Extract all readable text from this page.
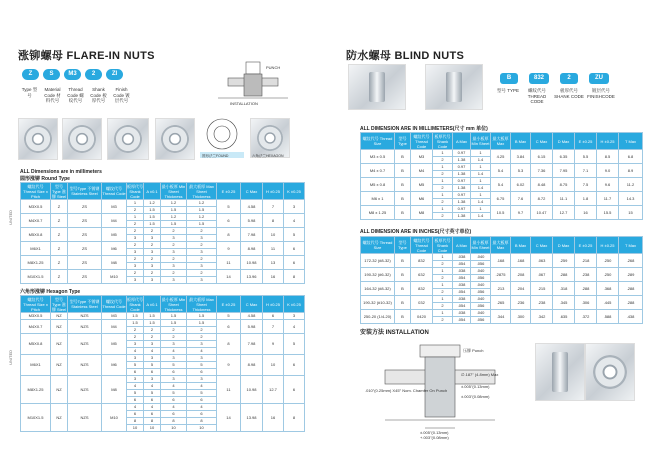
涨铆螺母 FLARE-IN NUTS
Z	S	M3	2	ZI
Type 型号
Material Code 材料代号
Thread Code 螺纹代号
Shank Code 板厚代号
Finish Code 镀层代号
PUNCH
INSTALLATION
圆形法兰FOUND	六角法兰HEXAGON
ALL Dimensions are in millimeters
圆形涨铆 Round Type
UNITED
螺纹代号 Thread Size x Pitch	型号Type 涨铆 Steel	型号Type 不锈钢 Stainless Steel	螺纹代号 Thread Code	板厚代号 Shank Code	A ±0.1	最小板厚 Min Sheet Thickness	最大板厚 Max Sheet Thickness	E ±0.25	C Max	H ±0.25	K ±0.25
M3X0.5	Z	ZS	M3	1	1.2	1.2	1.2	5	4.58	7	3
				2	1.5	1.5	1.5				
M4X0.7	Z	ZS	M4	1	1.5	1.2	1.2	6	5.98	8	4
				2	1.5	1.5	1.5				
M5X0.8	Z	ZS	M5	2	2	2	2	8	7.98	10	5
				3	3	3	3				
M6X1	Z	ZS	M6	2	2	2	2	9	8.98	11	6
				3	3	3	3				
M8X1.25	Z	ZS	M8	2	2	2	2	11	10.98	13	6
				3	3	3	3				
M10X1.5	Z	ZS	M10	2	2	2	2	14	13.96	16	8
				3	3	3	3				
六角形涨铆 Hexagon Type
UNITED
螺纹代号 Thread Size x Pitch	型号Type 涨铆 Steel	型号Type 不锈钢 Stainless Steel	螺纹代号 Thread Code	板厚代号 Shank Code	A ±0.1	最小板厚 Min Sheet Thickness	最大板厚 Max Sheet Thickness	E ±0.25	C Max	H ±0.25	K ±0.25
M3X0.5	NZ	NZS	M3	1.5	1.5	1.5	1.5	5	4.58	6	3
M4X0.7	NZ	NZS	M4	1.5	1.5	1.5	1.5	6	5.98	7	4
				2	2	2	2				
M5X0.8	NZ	NZS	M5	2	2	2	2	8	7.98	9	5
				3	3	3	3				
				4	4	4	4				
M6X1	NZ	NZS	M6	3	3	3	3	9	8.98	10	6
				5	5	5	5				
				6	6	6	6				
M8X1.25	NZ	NZS	M8	3	3	3	3	11	10.98	12.7	6
				4	4	4	4				
				5	5	5	5				
				6	6	6	6				
M10X1.5	NZ	NZS	M10	4	4	4	4	14	13.98	16	8
				6	6	6	6				
				8	8	8	8				
				10	10	10	10				
防水螺母 BLIND NUTS
B	832	2	ZU
型号 TYPE	螺纹代号 THREAD CODE
板厚代号 SHANK CODE
镀层代号 FINISHCODE
ALL DIMENSION ARE IN MILLIMETERS(尺寸 mm 单位)
螺纹代号 Thread Size	型号 Type	螺纹代号 Thread Code	板厚代号 Shank Code	A Max	最小板厚 Min Sheet	最大板厚 Max	B Max	C Max	D Max	E ±0.25	H ±0.25	T Max
M3 x 0.5	B	M3	1	0.97	1	4.25	3.84	6.15	6.35	5.5	8.5	6.8
			2	1.38	1.4							
M4 x 0.7	B	M4	1	0.97	1	5.4	5.3	7.36	7.95	7.1	9.0	8.9
			2	1.38	1.4							
M5 x 0.8	B	M5	1	0.97	1	5.4	6.02	8.48	8.75	7.5	9.6	11.2
			2	1.38	1.4							
M6 x 1	B	M6	1	0.97	1	6.75	7.6	8.72	11.1	1.8	11.7	14.3
			2	1.38	1.4							
M8 x 1.25	B	M8	1	0.97	1	10.5	9.7	10.47	12.7	16	15.5	15
			2	1.38	1.4							
ALL DIMENSION ARE IN INCHES(尺寸英寸单位)
螺纹代号 Thread Size	型号 Type	螺纹代号 Thread Code	板厚代号 Shank Code	A Max	最小板厚 Min Sheet	最大板厚 Max	B Max	C Max	D Max	E ±0.25	H ±0.25	T Max
172-32 (#8-32)	B	832	1	.038	.040	.168	.168	.063	.259	.218	.250	.268
			2	.054	.056							
190-32 (#6-32)	B	632	1	.038	.040	.2875	.208	.067	.288	.238	.250	.289
			2	.054	.056							
164-32 (#8-32)	B	832	1	.038	.040	.213	.204	.215	.318	.288	.368	.288
			2	.054	.056							
190-32 (#10-32)	B	032	1	.038	.040	.265	.236	.238	.345	.306	.445	.288
			2	.054	.056							
250-20 (1/4-20)	B	0420	1	.038	.040	.344	.300	.342	.635	.372	.588	.438
			2	.054	.056							
安装方法 INSTALLATION
压铆 Punch
∅.187" (4.8mm) Max
.010"(0.25mm) X45° Nom. Chamfer On Punch
±.005"(0.13mm)
±.003"(0.08mm)
±.005"(0.13mm)
+.003"(0.08mm)
